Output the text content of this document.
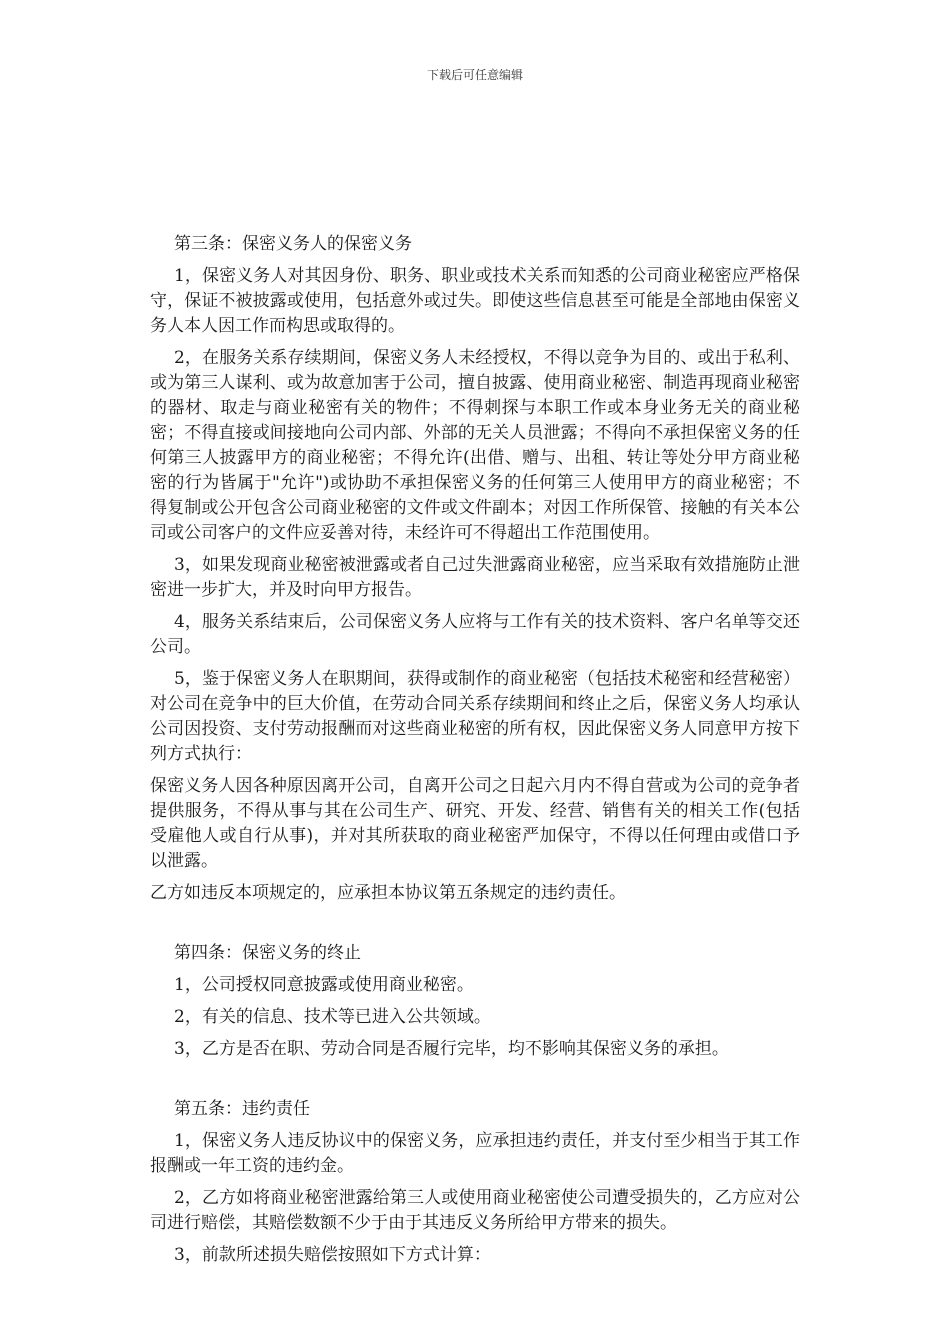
下载后可任意编辑
第三条：保密义务人的保密义务

1，保密义务人对其因身份、职务、职业或技术关系而知悉的公司商业秘密应严格保守，保证不被披露或使用，包括意外或过失。即使这些信息甚至可能是全部地由保密义务人本人因工作而构思或取得的。

2，在服务关系存续期间，保密义务人未经授权，不得以竞争为目的、或出于私利、或为第三人谋利、或为故意加害于公司，擅自披露、使用商业秘密、制造再现商业秘密的器材、取走与商业秘密有关的物件；不得刺探与本职工作或本身业务无关的商业秘密；不得直接或间接地向公司内部、外部的无关人员泄露；不得向不承担保密义务的任何第三人披露甲方的商业秘密；不得允许(出借、赠与、出租、转让等处分甲方商业秘密的行为皆属于"允许")或协助不承担保密义务的任何第三人使用甲方的商业秘密；不得复制或公开包含公司商业秘密的文件或文件副本；对因工作所保管、接触的有关本公司或公司客户的文件应妥善对待，未经许可不得超出工作范围使用。

3，如果发现商业秘密被泄露或者自己过失泄露商业秘密，应当采取有效措施防止泄密进一步扩大，并及时向甲方报告。

4，服务关系结束后，公司保密义务人应将与工作有关的技术资料、客户名单等交还公司。

5，鉴于保密义务人在职期间，获得或制作的商业秘密（包括技术秘密和经营秘密）对公司在竞争中的巨大价值，在劳动合同关系存续期间和终止之后，保密义务人均承认公司因投资、支付劳动报酬而对这些商业秘密的所有权，因此保密义务人同意甲方按下列方式执行：

保密义务人因各种原因离开公司，自离开公司之日起六月内不得自营或为公司的竞争者提供服务，不得从事与其在公司生产、研究、开发、经营、销售有关的相关工作(包括受雇他人或自行从事)，并对其所获取的商业秘密严加保守，不得以任何理由或借口予以泄露。

乙方如违反本项规定的，应承担本协议第五条规定的违约责任。

第四条：保密义务的终止

1，公司授权同意披露或使用商业秘密。

2，有关的信息、技术等已进入公共领域。

3，乙方是否在职、劳动合同是否履行完毕，均不影响其保密义务的承担。

第五条：违约责任

1，保密义务人违反协议中的保密义务，应承担违约责任，并支付至少相当于其工作报酬或一年工资的违约金。

2，乙方如将商业秘密泄露给第三人或使用商业秘密使公司遭受损失的，乙方应对公司进行赔偿，其赔偿数额不少于由于其违反义务所给甲方带来的损失。

3，前款所述损失赔偿按照如下方式计算：
